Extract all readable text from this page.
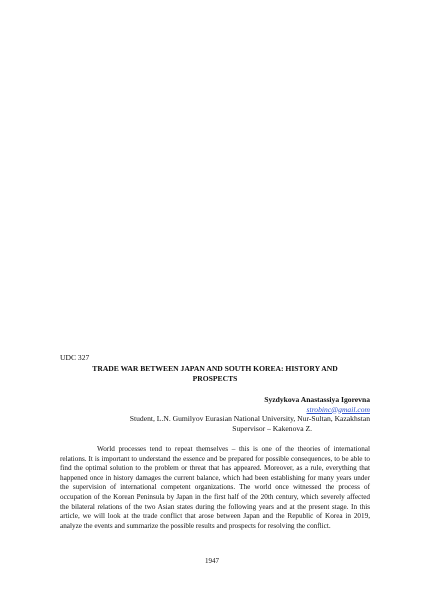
UDC 327
TRADE WAR BETWEEN JAPAN AND SOUTH KOREA: HISTORY AND
PROSPECTS
Syzdykova Anastassiya Igorevna
strobinc@gmail.com
Student, L.N. Gumilyov Eurasian National University, Nur-Sultan, Kazakhstan
Supervisor – Kakenova Z.

World processes tend to repeat themselves – this is one of the theories of international relations. It is important to understand the essence and be prepared for possible consequences, to be able to find the optimal solution to the problem or threat that has appeared. Moreover, as a rule, everything that happened once in history damages the current balance, which had been establishing for many years under the supervision of international competent organizations. The world once witnessed the process of occupation of the Korean Peninsula by Japan in the first half of the 20th century, which severely affected the bilateral relations of the two Asian states during the following years and at the present stage. In this article, we will look at the trade conflict that arose between Japan and the Republic of Korea in 2019, analyze the events and summarize the possible results and prospects for resolving the conflict.

1947
